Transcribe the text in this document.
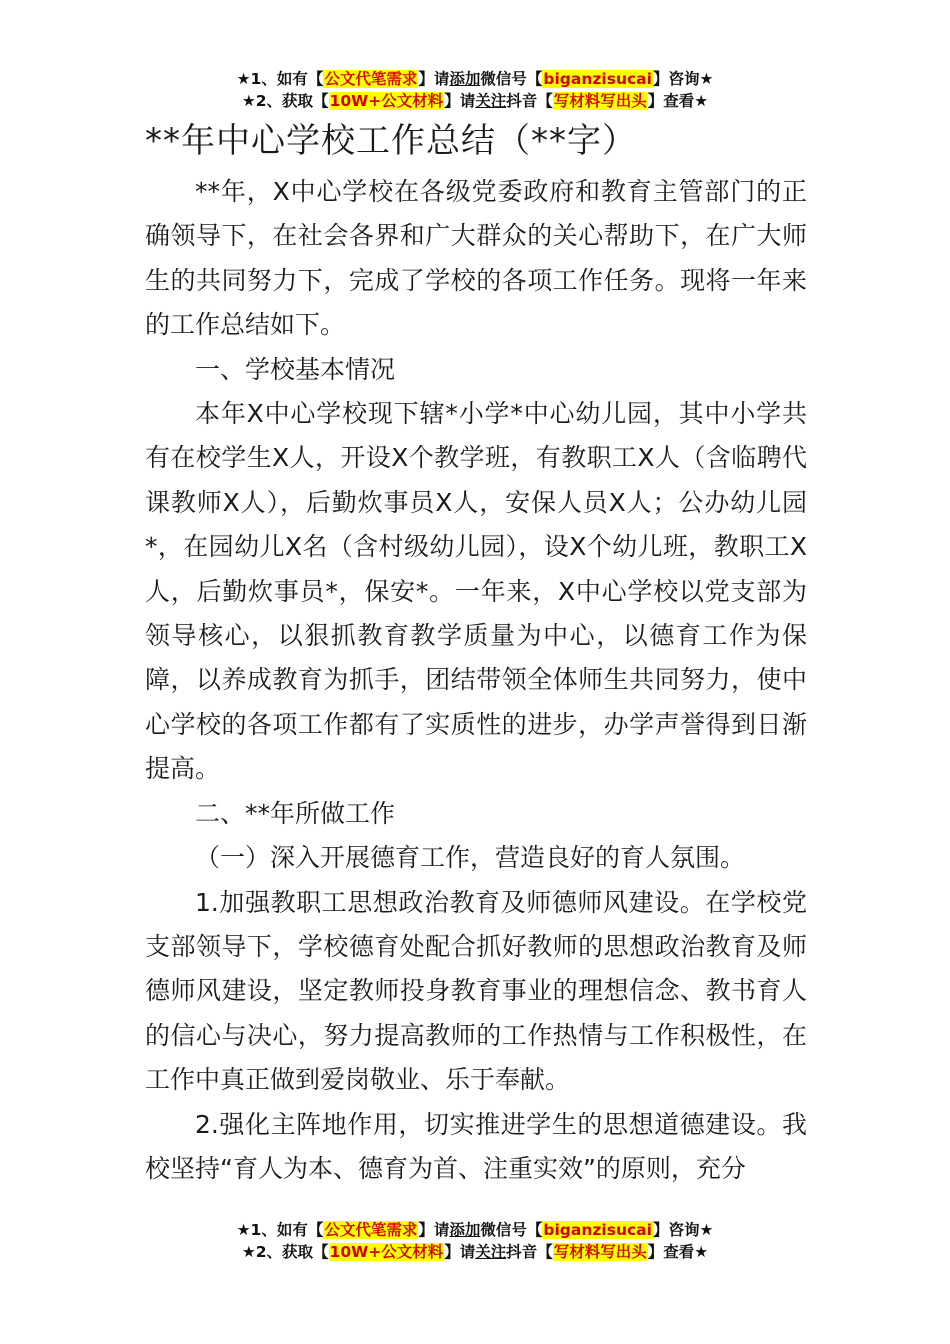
★1、如有【公文代笔需求】请添加微信号【biganzisucai】咨询★
★2、获取【10W+公文材料】请关注抖音【写材料写出头】查看★
**年中心学校工作总结（**字）

**年，X中心学校在各级党委政府和教育主管部门的正确领导下，在社会各界和广大群众的关心帮助下，在广大师生的共同努力下，完成了学校的各项工作任务。现将一年来的工作总结如下。

一、学校基本情况

本年X中心学校现下辖*小学*中心幼儿园，其中小学共有在校学生X人，开设X个教学班，有教职工X人（含临聘代课教师X人），后勤炊事员X人，安保人员X人；公办幼儿园*，在园幼儿X名（含村级幼儿园），设X个幼儿班，教职工X人，后勤炊事员*，保安*。一年来，X中心学校以党支部为领导核心，以狠抓教育教学质量为中心，以德育工作为保障，以养成教育为抓手，团结带领全体师生共同努力，使中心学校的各项工作都有了实质性的进步，办学声誉得到日渐提高。

二、**年所做工作

（一）深入开展德育工作，营造良好的育人氛围。

1.加强教职工思想政治教育及师德师风建设。在学校党支部领导下，学校德育处配合抓好教师的思想政治教育及师德师风建设，坚定教师投身教育事业的理想信念、教书育人的信心与决心，努力提高教师的工作热情与工作积极性，在工作中真正做到爱岗敬业、乐于奉献。

2.强化主阵地作用，切实推进学生的思想道德建设。我校坚持“育人为本、德育为首、注重实效”的原则，充分

★1、如有【公文代笔需求】请添加微信号【biganzisucai】咨询★
★2、获取【10W+公文材料】请关注抖音【写材料写出头】查看★
